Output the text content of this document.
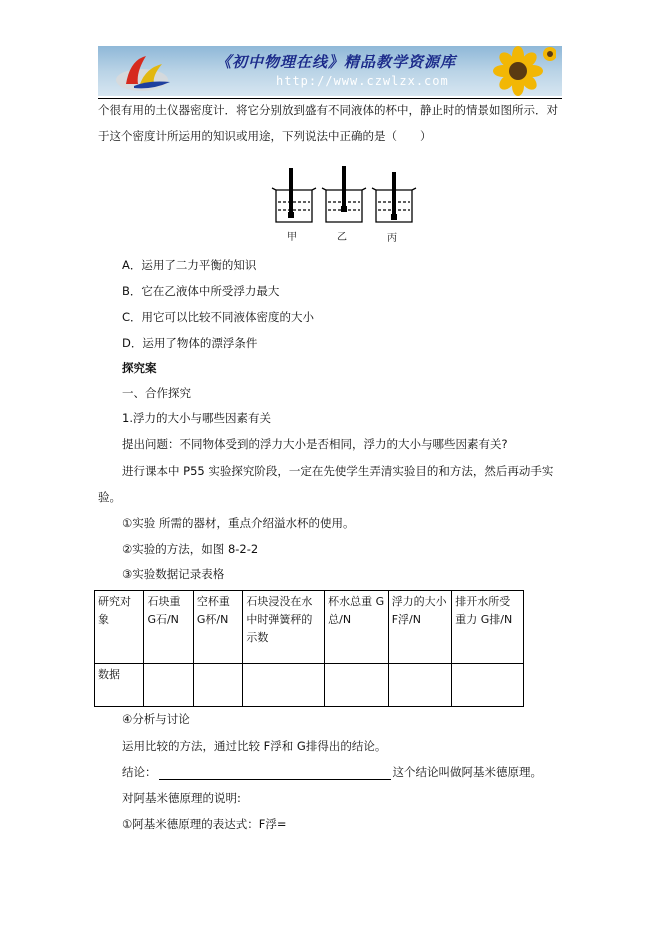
《初中物理在线》精品教学资源库
http://www.czwlzx.com
个很有用的土仪器密度计．将它分别放到盛有不同液体的杯中，静止时的情景如图所示．对
于这个密度计所运用的知识或用途，下列说法中正确的是（　　）
甲	乙	丙
A．运用了二力平衡的知识
B．它在乙液体中所受浮力最大
C．用它可以比较不同液体密度的大小
D．运用了物体的漂浮条件
探究案
一、合作探究
1.浮力的大小与哪些因素有关
提出问题：不同物体受到的浮力大小是否相同，浮力的大小与哪些因素有关?
进行课本中 P55 实验探究阶段，一定在先使学生弄清实验目的和方法，然后再动手实
验。
①实验 所需的器材，重点介绍溢水杯的使用。
②实验的方法，如图 8-2-2
③实验数据记录表格
研究对象	石块重 G石/N	空杯重 G杯/N	石块浸没在水中时弹簧秤的示数	杯水总重 G总/N	浮力的大小 F浮/N	排开水所受重力 G排/N
数据						
④分析与讨论
运用比较的方法，通过比较 F浮和 G排得出的结论。
结论：	这个结论叫做阿基米德原理。
对阿基米德原理的说明:
①阿基米德原理的表达式：F浮=
